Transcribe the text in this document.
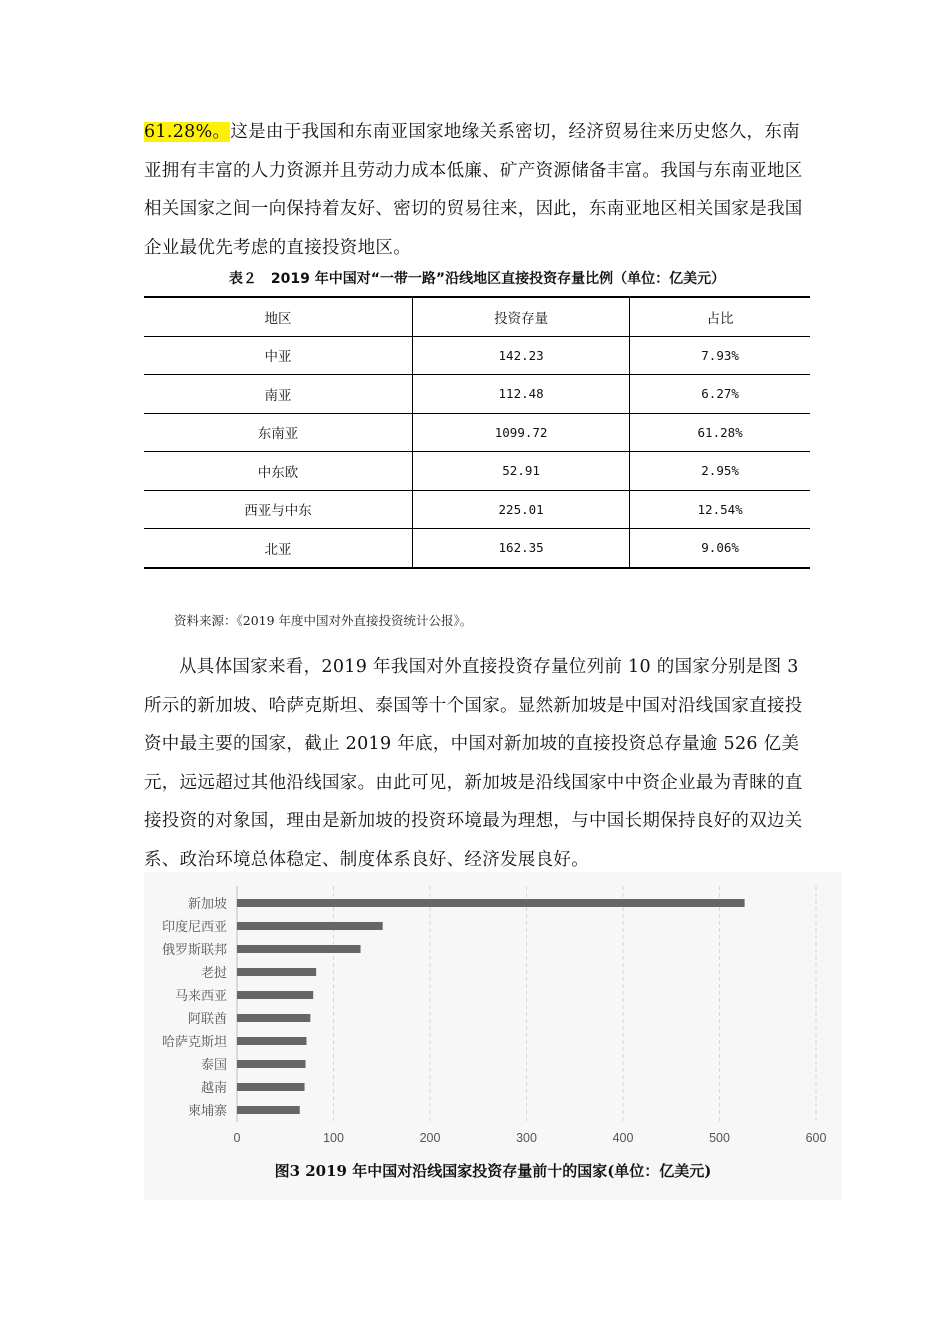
61.28%。这是由于我国和东南亚国家地缘关系密切，经济贸易往来历史悠久，东南亚拥有丰富的人力资源并且劳动力成本低廉、矿产资源储备丰富。我国与东南亚地区相关国家之间一向保持着友好、密切的贸易往来，因此，东南亚地区相关国家是我国企业最优先考虑的直接投资地区。

表２　2019 年中国对“一带一路”沿线地区直接投资存量比例（单位：亿美元）
地区	投资存量	占比
中亚	142.23	7.93%
南亚	112.48	6.27%
东南亚	1099.72	61.28%
中东欧	52.91	2.95%
西亚与中东	225.01	12.54%
北亚	162.35	9.06%
资料来源：《2019 年度中国对外直接投资统计公报》。

从具体国家来看，2019 年我国对外直接投资存量位列前 10 的国家分别是图 3 所示的新加坡、哈萨克斯坦、泰国等十个国家。显然新加坡是中国对沿线国家直接投资中最主要的国家，截止 2019 年底，中国对新加坡的直接投资总存量逾 526 亿美元，远远超过其他沿线国家。由此可见，新加坡是沿线国家中中资企业最为青睐的直接投资的对象国，理由是新加坡的投资环境最为理想，与中国长期保持良好的双边关系、政治环境总体稳定、制度体系良好、经济发展良好。

0	100	200	300	400	500	600
新加坡
印度尼西亚
俄罗斯联邦
老挝
马来西亚
阿联酋
哈萨克斯坦
泰国
越南
柬埔寨
图3 2019 年中国对沿线国家投资存量前十的国家(单位：亿美元)
